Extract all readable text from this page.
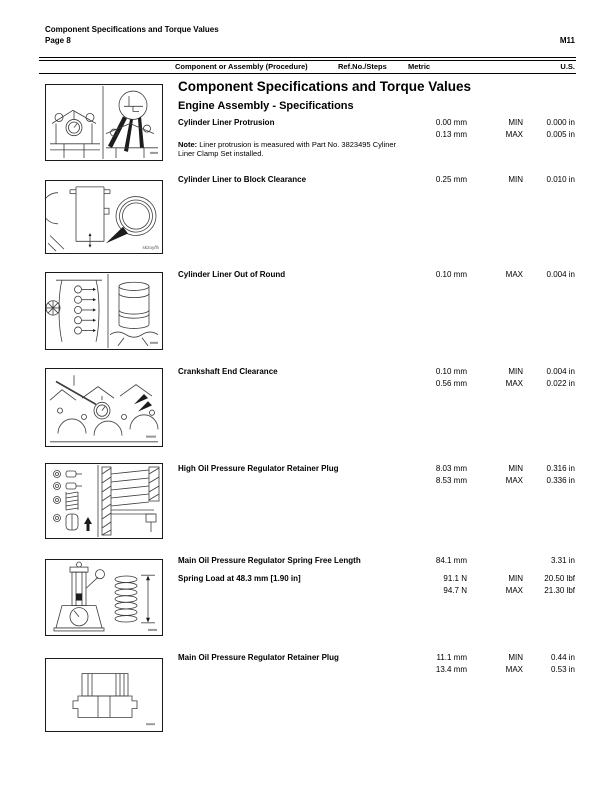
Component Specifications and Torque Values
Page 8	M11
Component or Assembly (Procedure)	Ref.No./Steps	Metric	U.S.
Component Specifications and Torque Values
Engine Assembly - Specifications
Cylinder Liner Protrusion	0.00 mm	MIN	0.000 in
0.13 mm	MAX	0.005 in
Note: Liner protrusion is measured with Part No. 3823495 Cyliner Liner Clamp Set installed.
sk2oy/lh
Cylinder Liner to Block Clearance	0.25 mm	MIN	0.010 in
Cylinder Liner Out of Round	0.10 mm	MAX	0.004 in
Crankshaft End Clearance	0.10 mm	MIN	0.004 in
0.56 mm	MAX	0.022 in
High Oil Pressure Regulator Retainer Plug	8.03 mm	MIN	0.316 in
8.53 mm	MAX	0.336 in
Main Oil Pressure Regulator Spring Free Length	84.1 mm	3.31 in
Spring Load at 48.3 mm [1.90 in]	91.1 N	MIN	20.50 lbf
94.7 N	MAX	21.30 lbf
Main Oil Pressure Regulator Retainer Plug	11.1 mm	MIN	0.44 in
13.4 mm	MAX	0.53 in
